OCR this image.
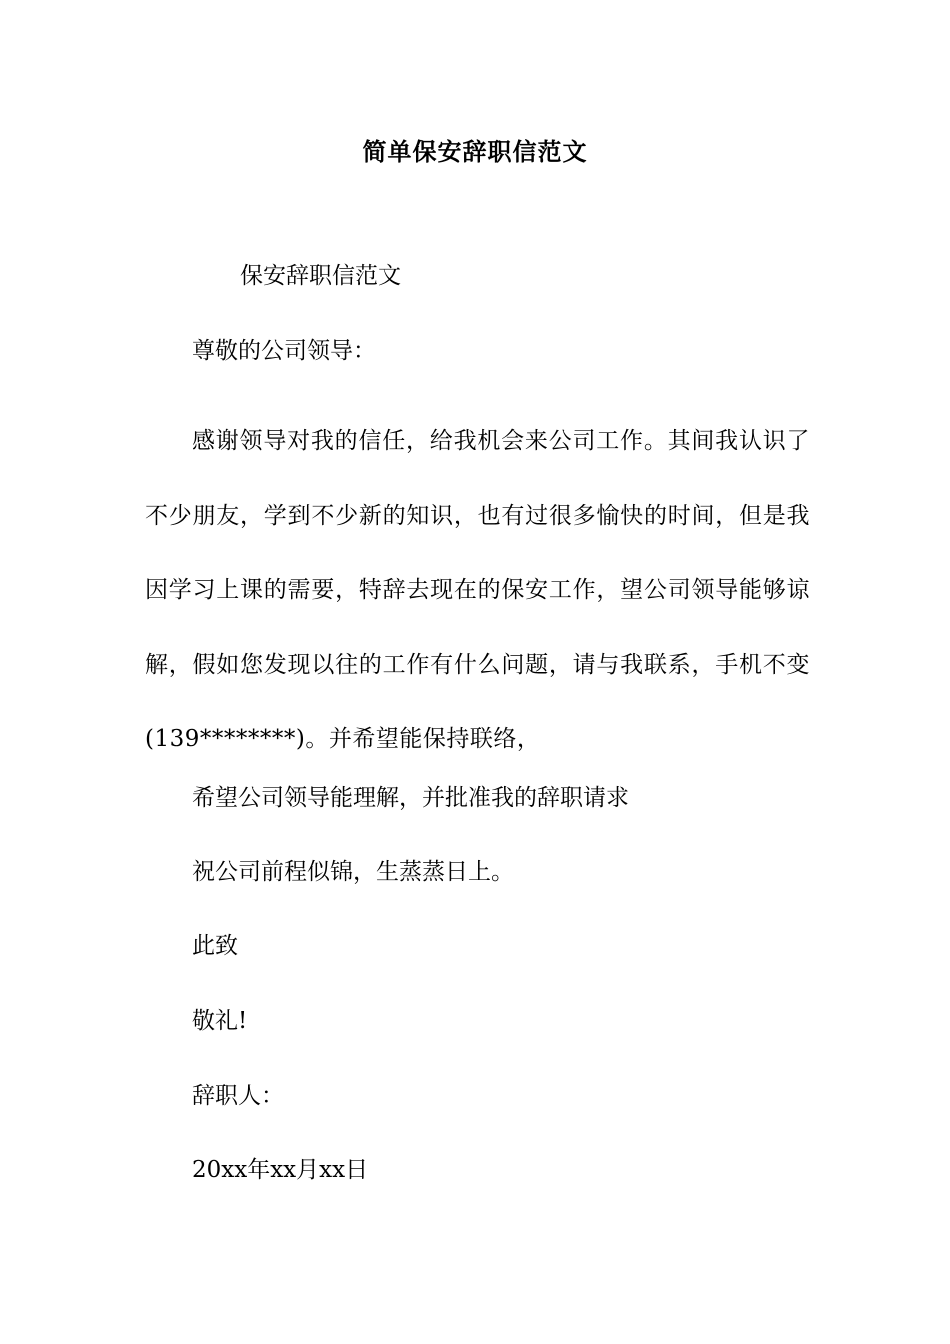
简单保安辞职信范文
保安辞职信范文
尊敬的公司领导：
感谢领导对我的信任，给我机会来公司工作。其间我认识了不少朋友，学到不少新的知识，也有过很多愉快的时间，但是我因学习上课的需要，特辞去现在的保安工作，望公司领导能够谅解，假如您发现以往的工作有什么问题，请与我联系，手机不变(139********)。并希望能保持联络，
希望公司领导能理解，并批准我的辞职请求
祝公司前程似锦，生蒸蒸日上。
此致
敬礼!
辞职人：
20xx年xx月xx日
